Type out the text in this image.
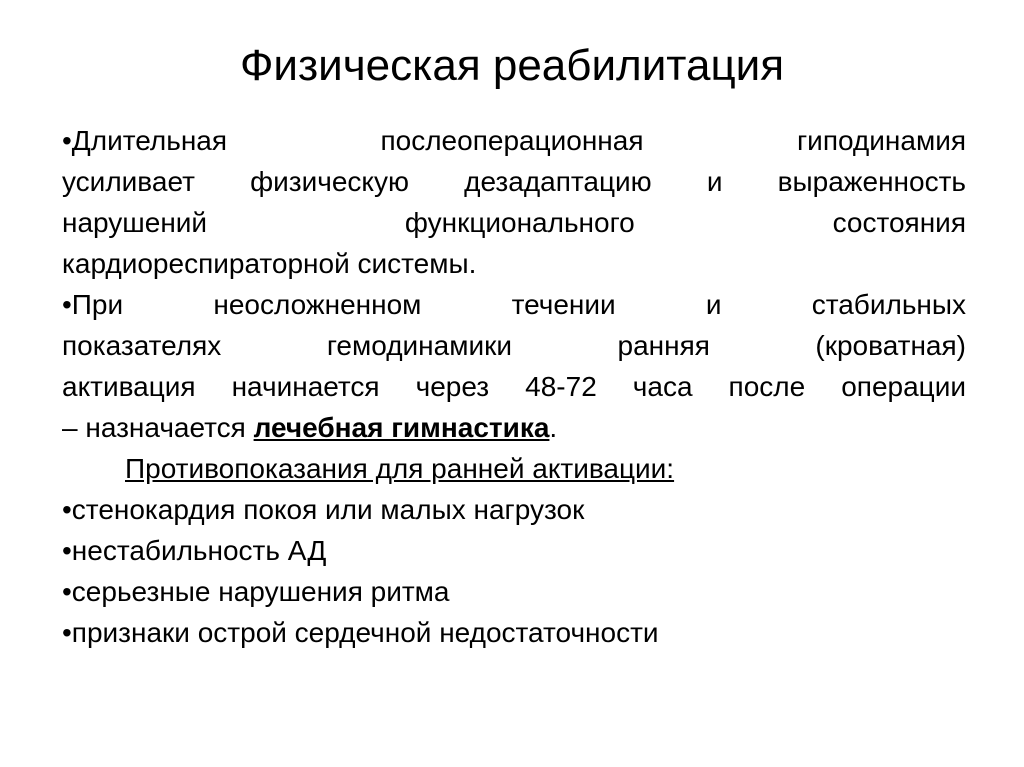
Физическая реабилитация
•Длительная послеоперационная гиподинамия
усиливает физическую дезадаптацию и выраженность
нарушений функционального состояния
кардиореспираторной системы.
•При неосложненном течении и стабильных
показателях гемодинамики ранняя (кроватная)
активация начинается через 48-72 часа после операции
– назначается лечебная гимнастика.
Противопоказания для ранней активации:
•стенокардия покоя или малых нагрузок
•нестабильность АД
•серьезные нарушения ритма
•признаки острой сердечной недостаточности
